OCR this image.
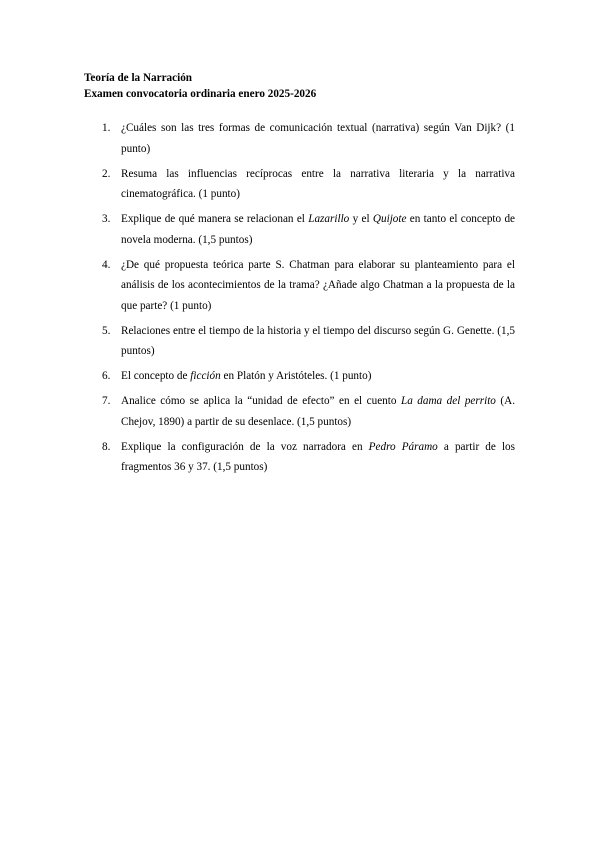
Teoría de la Narración
Examen convocatoria ordinaria enero 2025-2026
1. ¿Cuáles son las tres formas de comunicación textual (narrativa) según Van Dijk? (1 punto)
2. Resuma las influencias recíprocas entre la narrativa literaria y la narrativa cinematográfica. (1 punto)
3. Explique de qué manera se relacionan el Lazarillo y el Quijote en tanto el concepto de novela moderna. (1,5 puntos)
4. ¿De qué propuesta teórica parte S. Chatman para elaborar su planteamiento para el análisis de los acontecimientos de la trama? ¿Añade algo Chatman a la propuesta de la que parte? (1 punto)
5. Relaciones entre el tiempo de la historia y el tiempo del discurso según G. Genette. (1,5 puntos)
6. El concepto de ficción en Platón y Aristóteles. (1 punto)
7. Analice cómo se aplica la “unidad de efecto” en el cuento La dama del perrito (A. Chejov, 1890) a partir de su desenlace. (1,5 puntos)
8. Explique la configuración de la voz narradora en Pedro Páramo a partir de los fragmentos 36 y 37. (1,5 puntos)
